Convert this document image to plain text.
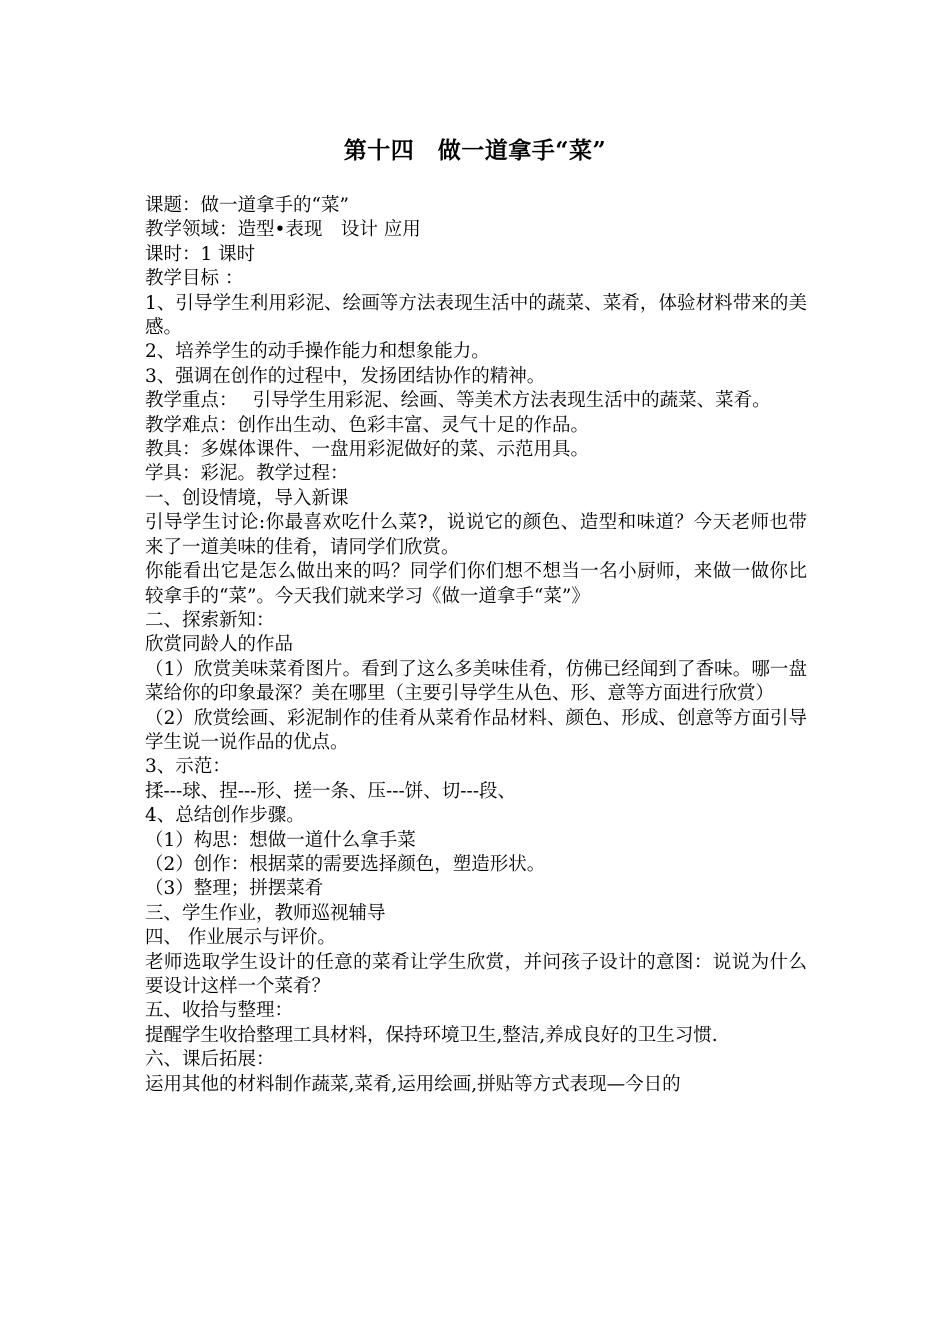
第十四　做一道拿手“菜”

课题：做一道拿手的“菜”

教学领域：造型•表现　设计 应用

课时：1 课时

教学目标 ：

1、引导学生利用彩泥、绘画等方法表现生活中的蔬菜、菜肴，体验材料带来的美感。

2、培养学生的动手操作能力和想象能力。

3、强调在创作的过程中，发扬团结协作的精神。

教学重点：　 引导学生用彩泥、绘画、等美术方法表现生活中的蔬菜、菜肴。

教学难点：创作出生动、色彩丰富、灵气十足的作品。

教具：多媒体课件、一盘用彩泥做好的菜、示范用具。

学具：彩泥。教学过程：

一、创设情境，导入新课

引导学生讨论:你最喜欢吃什么菜?，说说它的颜色、造型和味道？今天老师也带来了一道美味的佳肴，请同学们欣赏。

你能看出它是怎么做出来的吗？同学们你们想不想当一名小厨师，来做一做你比较拿手的“菜”。今天我们就来学习《做一道拿手“菜”》

二、探索新知：

欣赏同龄人的作品

（1）欣赏美味菜肴图片。看到了这么多美味佳肴，仿佛已经闻到了香味。哪一盘菜给你的印象最深？美在哪里（主要引导学生从色、形、意等方面进行欣赏）

（2）欣赏绘画、彩泥制作的佳肴从菜肴作品材料、颜色、形成、创意等方面引导学生说一说作品的优点。

3、示范：

揉---球、捏---形、搓一条、压---饼、切---段、

4、总结创作步骤。

（1）构思：想做一道什么拿手菜

（2）创作：根据菜的需要选择颜色，塑造形状。

（3）整理；拼摆菜肴

三、学生作业，教师巡视辅导

四、 作业展示与评价。

老师选取学生设计的任意的菜肴让学生欣赏，并问孩子设计的意图：说说为什么要设计这样一个菜肴？

五、收拾与整理：

提醒学生收拾整理工具材料，保持环境卫生,整洁,养成良好的卫生习惯.

六、课后拓展：

运用其他的材料制作蔬菜,菜肴,运用绘画,拼贴等方式表现—今日的
